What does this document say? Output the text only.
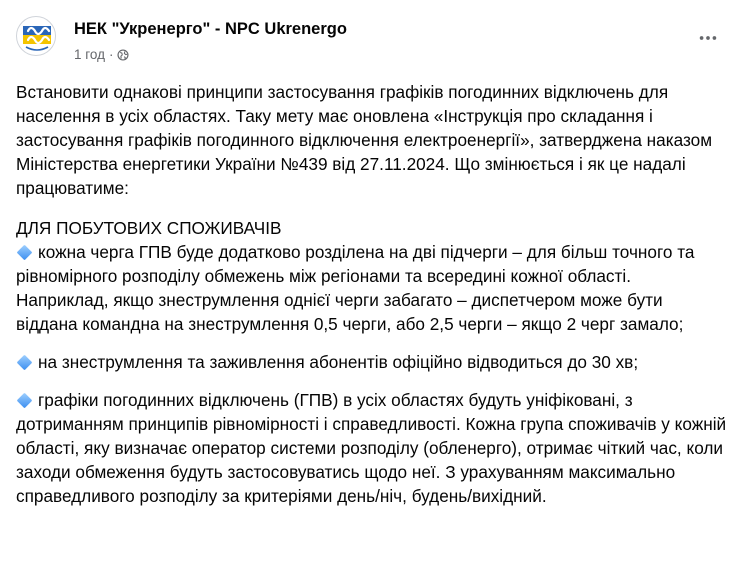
НЕК "Укренерго" - NPC Ukrenergo
1 год ·

Встановити однакові принципи застосування графіків погодинних відключень для населення в усіх областях. Таку мету має оновлена «Інструкція про складання і застосування графіків погодинного відключення електроенергії», затверджена наказом Міністерства енергетики України №439 від 27.11.2024. Що змінюється і як це надалі працюватиме:

ДЛЯ ПОБУТОВИХ СПОЖИВАЧІВ

кожна черга ГПВ буде додатково розділена на дві підчерги – для більш точного та рівномірного розподілу обмежень між регіонами та всередині кожної області. Наприклад, якщо знеструмлення однієї черги забагато – диспетчером може бути віддана командна на знеструмлення 0,5 черги, або 2,5 черги – якщо 2 черг замало;

на знеструмлення та заживлення абонентів офіційно відводиться до 30 хв;

графіки погодинних відключень (ГПВ) в усіх областях будуть уніфіковані, з дотриманням принципів рівномірності і справедливості. Кожна група споживачів у кожній області, яку визначає оператор системи розподілу (обленерго), отримає чіткий час, коли заходи обмеження будуть застосовуватись щодо неї. З урахуванням максимально справедливого розподілу за критеріями день/ніч, будень/вихідний.
